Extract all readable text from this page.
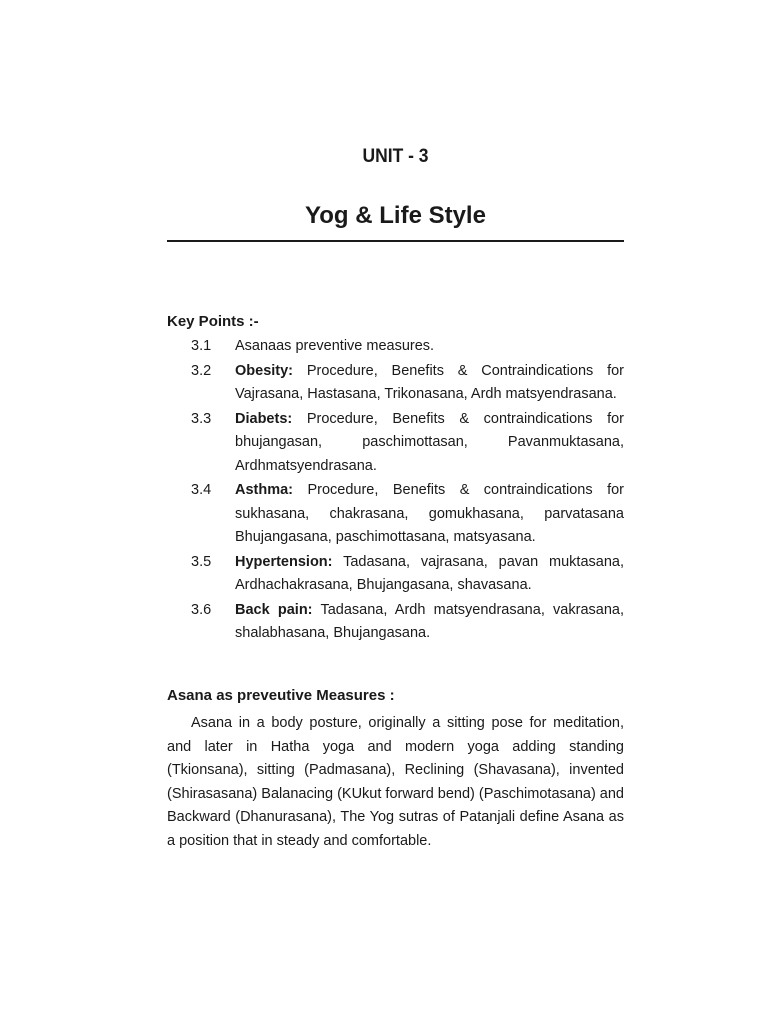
UNIT - 3
Yog & Life Style
Key Points :-
3.1	Asanaas preventive measures.
3.2	Obesity: Procedure, Benefits & Contraindications for Vajrasana, Hastasana, Trikonasana, Ardh matsyendrasana.
3.3	Diabets: Procedure, Benefits & contraindications for bhujangasan, paschimottasan, Pavanmuktasana, Ardhmatsyendrasana.
3.4	Asthma: Procedure, Benefits & contraindications for sukhasana, chakrasana, gomukhasana, parvatasana Bhujangasana, paschimottasana, matsyasana.
3.5	Hypertension: Tadasana, vajrasana, pavan muktasana, Ardhachakrasana, Bhujangasana, shavasana.
3.6	Back pain: Tadasana, Ardh matsyendrasana, vakrasana, shalabhasana, Bhujangasana.
Asana as preveutive Measures :
Asana in a body posture, originally a sitting pose for meditation, and later in Hatha yoga and modern yoga adding standing (Tkionsana), sitting (Padmasana), Reclining (Shavasana), invented (Shirasasana) Balanacing (KUkut forward bend) (Paschimotasana) and Backward (Dhanurasana), The Yog sutras of Patanjali define Asana as a position that in steady and comfortable.
